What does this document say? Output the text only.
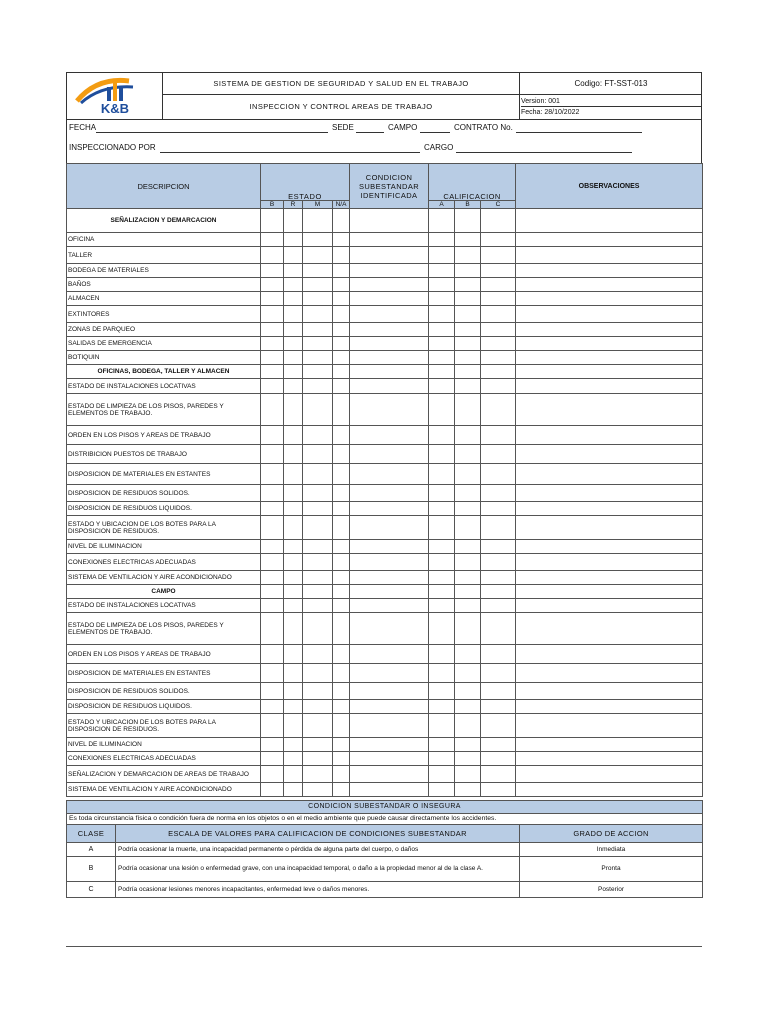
K&B
SISTEMA DE GESTION DE SEGURIDAD Y SALUD EN EL TRABAJO
INSPECCION Y CONTROL AREAS DE TRABAJO
Codigo: FT-SST-013
Version: 001
Fecha: 28/10/2022
FECHA	SEDE	CAMPO	CONTRATO No.
INSPECCIONADO POR	CARGO
DESCRIPCION	ESTADO				CONDICION SUBESTANDAR IDENTIFICADA	CALIFICACION			OBSERVACIONES
	B	R	M	N/A		A	B	C	
SEÑALIZACION Y DEMARCACION									
OFICINA									
TALLER									
BODEGA DE MATERIALES									
BAÑOS									
ALMACEN									
EXTINTORES									
ZONAS DE PARQUEO									
SALIDAS DE EMERGENCIA									
BOTIQUIN									
OFICINAS, BODEGA, TALLER Y ALMACEN									
ESTADO DE INSTALACIONES LOCATIVAS									
ESTADO DE LIMPIEZA DE LOS PISOS, PAREDES Y ELEMENTOS DE TRABAJO.									
ORDEN EN LOS PISOS Y AREAS DE TRABAJO									
DISTRIBICION PUESTOS DE TRABAJO									
DISPOSICION DE MATERIALES EN ESTANTES									
DISPOSICION DE RESIDUOS SOLIDOS.									
DISPOSICION DE RESIDUOS LIQUIDOS.									
ESTADO Y UBICACION DE LOS BOTES PARA LA DISPOSICION DE RESIDUOS.									
NIVEL DE ILUMINACION									
CONEXIONES ELECTRICAS ADECUADAS									
SISTEMA DE VENTILACION Y AIRE ACONDICIONADO									
CAMPO									
ESTADO DE INSTALACIONES LOCATIVAS									
ESTADO DE LIMPIEZA DE LOS PISOS, PAREDES Y ELEMENTOS DE TRABAJO.									
ORDEN EN LOS PISOS Y AREAS DE TRABAJO									
DISPOSICION DE MATERIALES EN ESTANTES									
DISPOSICION DE RESIDUOS SOLIDOS.									
DISPOSICION DE RESIDUOS LIQUIDOS.									
ESTADO Y UBICACION DE LOS BOTES PARA LA DISPOSICION DE RESIDUOS.									
NIVEL DE ILUMINACION									
CONEXIONES ELECTRICAS ADECUADAS									
SEÑALIZACION Y DEMARCACION DE AREAS DE TRABAJO									
SISTEMA DE VENTILACION Y AIRE ACONDICIONADO									
CONDICION SUBESTANDAR O INSEGURA		
Es toda circunstancia física o condición fuera de norma en los objetos o en el medio ambiente que puede causar directamente los accidentes.		
CLASE	ESCALA DE VALORES PARA CALIFICACION DE CONDICIONES SUBESTANDAR	GRADO DE ACCION
A	Podría ocasionar la muerte, una incapacidad permanente o pérdida de alguna parte del cuerpo, o daños	Inmediata
B	Podría ocasionar una lesión o enfermedad grave, con una incapacidad temporal, o daño a la propiedad menor al de la clase A.	Pronta
C	Podría ocasionar lesiones menores incapacitantes, enfermedad leve o daños menores.	Posterior
